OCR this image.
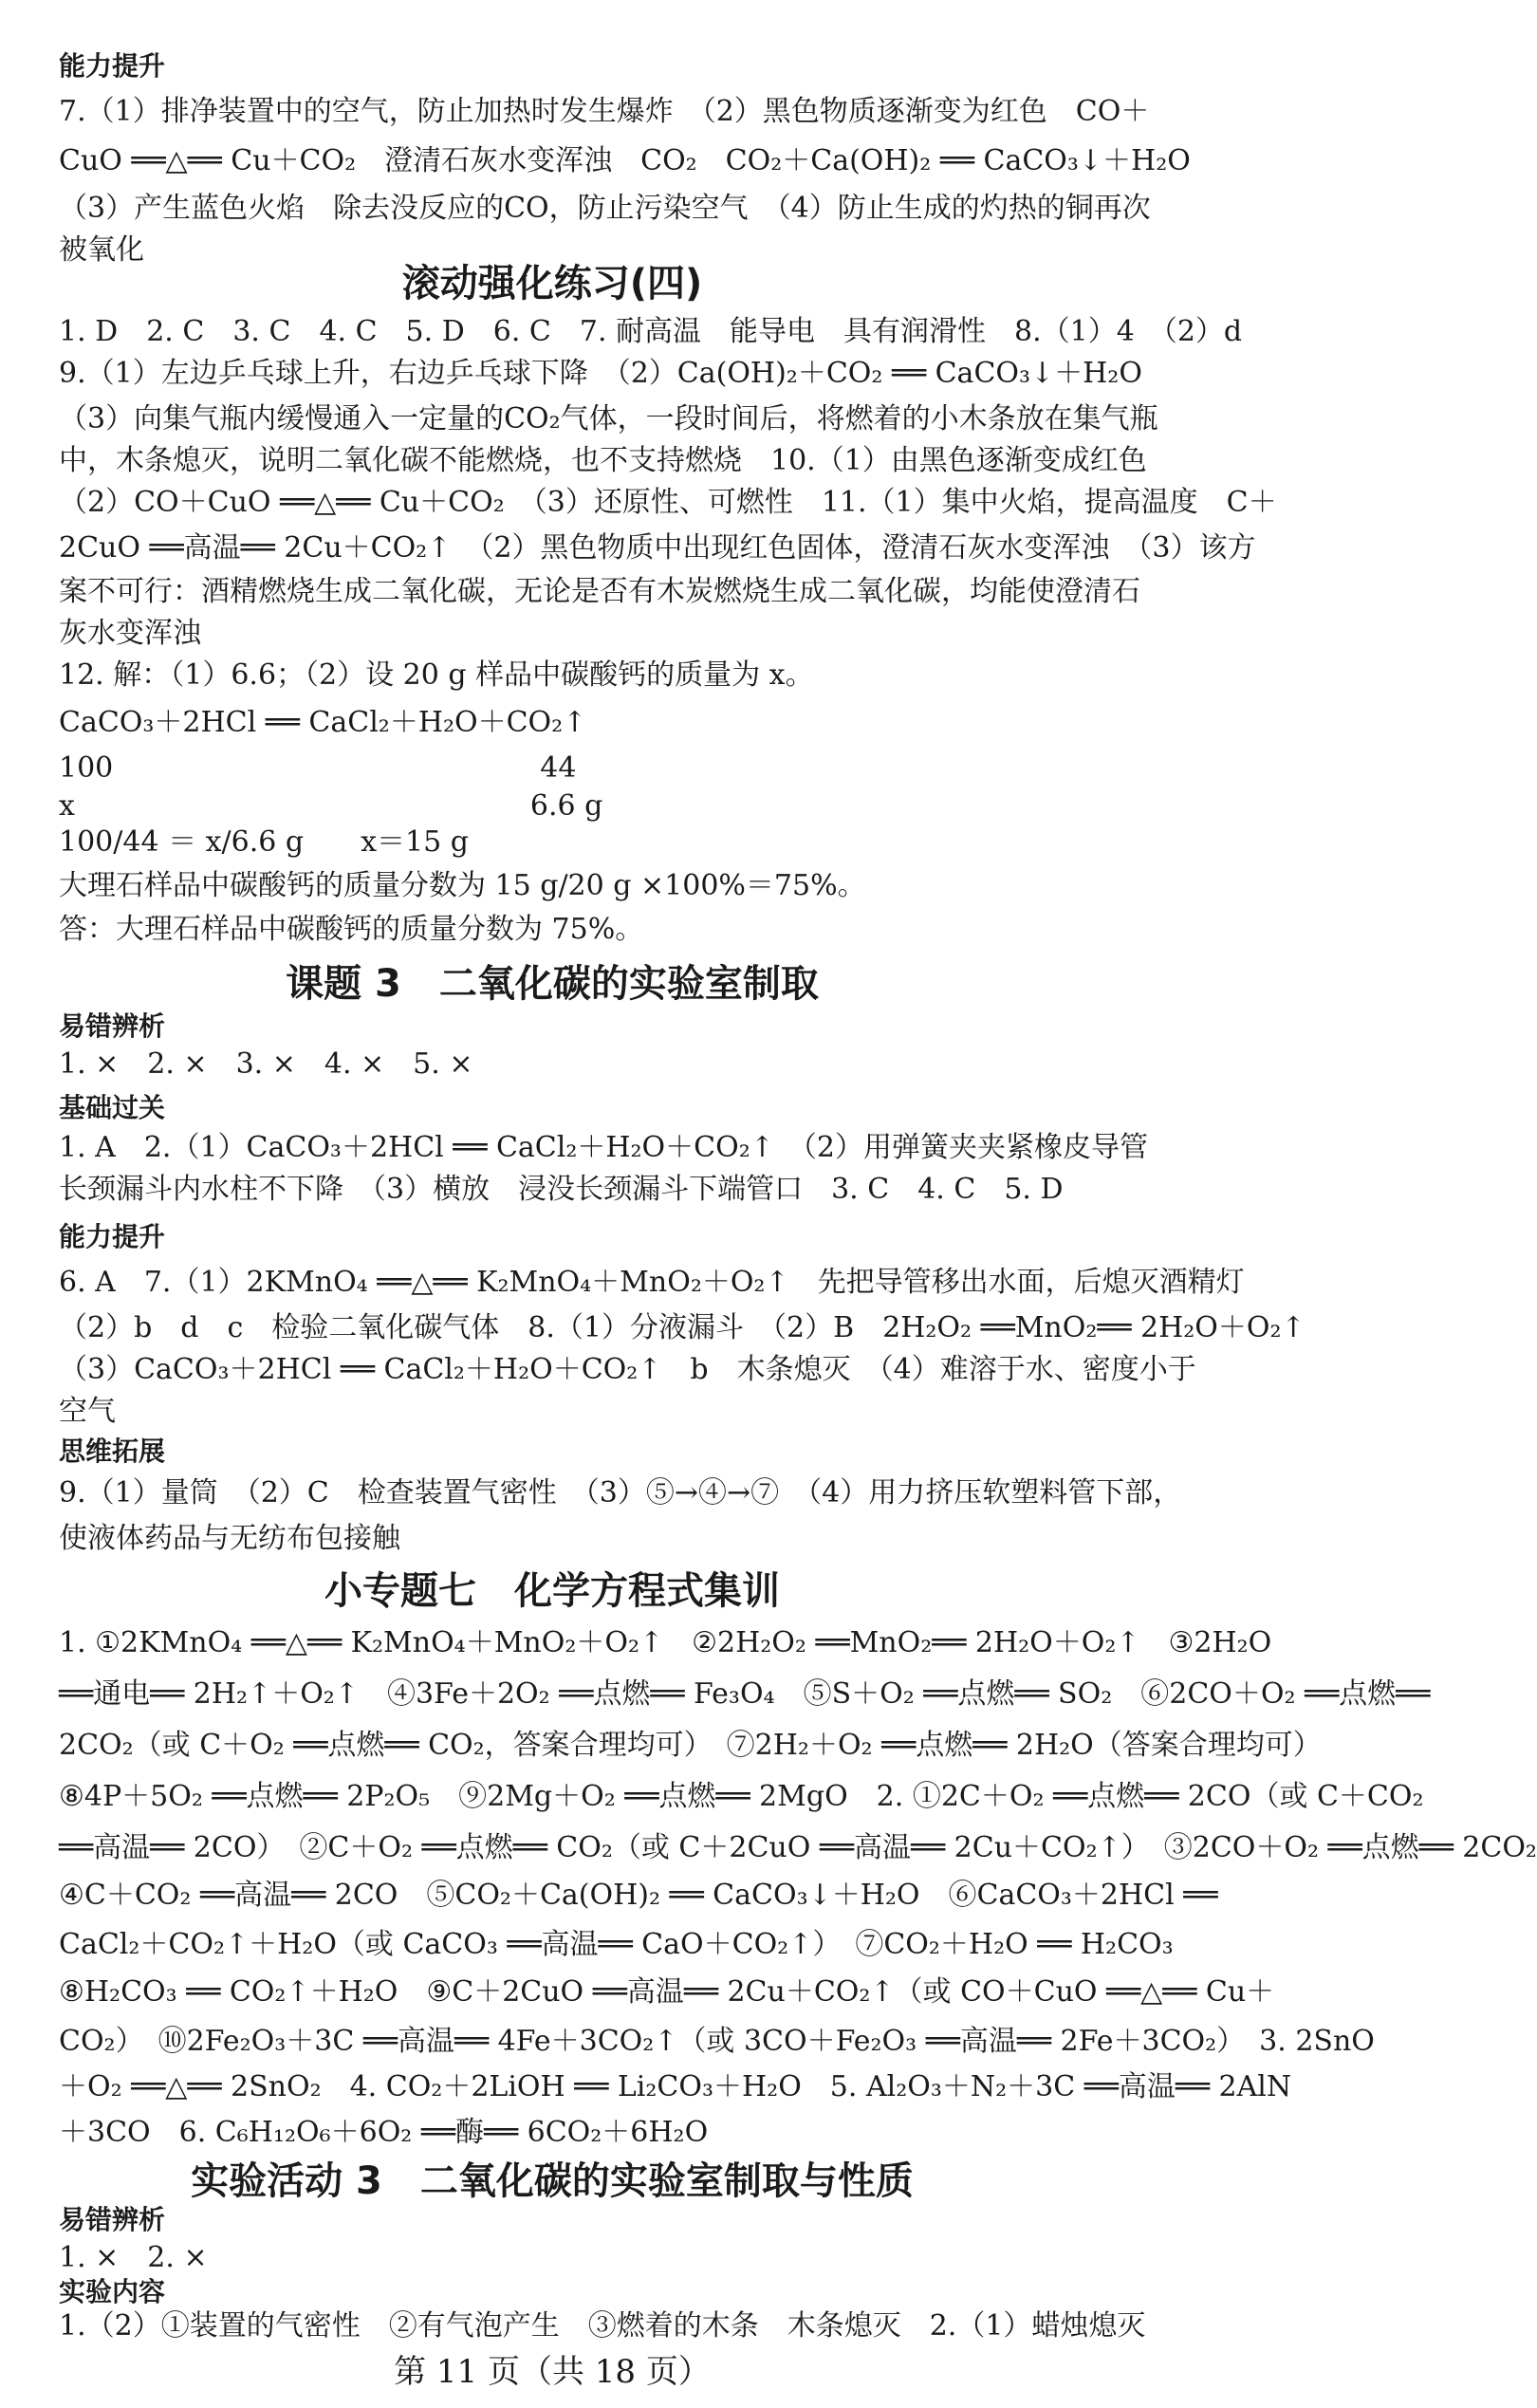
能力提升
7.（1）排净装置中的空气，防止加热时发生爆炸　（2）黑色物质逐渐变为红色　CO＋
CuO ══△══ Cu＋CO₂　澄清石灰水变浑浊　CO₂　CO₂＋Ca(OH)₂ ══ CaCO₃↓＋H₂O
（3）产生蓝色火焰　除去没反应的CO，防止污染空气　（4）防止生成的灼热的铜再次
被氧化
滚动强化练习(四)
1. D　2. C　3. C　4. C　5. D　6. C　7. 耐高温　能导电　具有润滑性　8.（1）4　（2）d
9.（1）左边乒乓球上升，右边乒乓球下降　（2）Ca(OH)₂＋CO₂ ══ CaCO₃↓＋H₂O
（3）向集气瓶内缓慢通入一定量的CO₂气体，一段时间后，将燃着的小木条放在集气瓶
中，木条熄灭，说明二氧化碳不能燃烧，也不支持燃烧　10.（1）由黑色逐渐变成红色
（2）CO＋CuO ══△══ Cu＋CO₂　（3）还原性、可燃性　11.（1）集中火焰，提高温度　C＋
2CuO ══高温══ 2Cu＋CO₂↑　（2）黑色物质中出现红色固体，澄清石灰水变浑浊　（3）该方
案不可行：酒精燃烧生成二氧化碳，无论是否有木炭燃烧生成二氧化碳，均能使澄清石
灰水变浑浊
12. 解：（1）6.6；（2）设 20 g 样品中碳酸钙的质量为 x。
CaCO₃＋2HCl ══ CaCl₂＋H₂O＋CO₂↑
100　　　　　　　　　　　　　　　44
x　　　　　　　　　　　　　　　　6.6 g
100/44 ＝ x/6.6 g　　x＝15 g
大理石样品中碳酸钙的质量分数为 15 g/20 g ×100%＝75%。
答：大理石样品中碳酸钙的质量分数为 75%。
课题 3　二氧化碳的实验室制取
易错辨析
1. ×　2. ×　3. ×　4. ×　5. ×
基础过关
1. A　2.（1）CaCO₃＋2HCl ══ CaCl₂＋H₂O＋CO₂↑　（2）用弹簧夹夹紧橡皮导管
长颈漏斗内水柱不下降　（3）横放　浸没长颈漏斗下端管口　3. C　4. C　5. D
能力提升
6. A　7.（1）2KMnO₄ ══△══ K₂MnO₄＋MnO₂＋O₂↑　先把导管移出水面，后熄灭酒精灯
（2）b　d　c　检验二氧化碳气体　8.（1）分液漏斗　（2）B　2H₂O₂ ══MnO₂══ 2H₂O＋O₂↑
（3）CaCO₃＋2HCl ══ CaCl₂＋H₂O＋CO₂↑　b　木条熄灭　（4）难溶于水、密度小于
空气
思维拓展
9.（1）量筒　（2）C　检查装置气密性　（3）⑤→④→⑦　（4）用力挤压软塑料管下部，
使液体药品与无纺布包接触
小专题七　化学方程式集训
1. ①2KMnO₄ ══△══ K₂MnO₄＋MnO₂＋O₂↑　②2H₂O₂ ══MnO₂══ 2H₂O＋O₂↑　③2H₂O
══通电══ 2H₂↑＋O₂↑　④3Fe＋2O₂ ══点燃══ Fe₃O₄　⑤S＋O₂ ══点燃══ SO₂　⑥2CO＋O₂ ══点燃══
2CO₂（或 C＋O₂ ══点燃══ CO₂，答案合理均可）　⑦2H₂＋O₂ ══点燃══ 2H₂O（答案合理均可）
⑧4P＋5O₂ ══点燃══ 2P₂O₅　⑨2Mg＋O₂ ══点燃══ 2MgO　2. ①2C＋O₂ ══点燃══ 2CO（或 C＋CO₂
══高温══ 2CO）　②C＋O₂ ══点燃══ CO₂（或 C＋2CuO ══高温══ 2Cu＋CO₂↑）　③2CO＋O₂ ══点燃══ 2CO₂
④C＋CO₂ ══高温══ 2CO　⑤CO₂＋Ca(OH)₂ ══ CaCO₃↓＋H₂O　⑥CaCO₃＋2HCl ══
CaCl₂＋CO₂↑＋H₂O（或 CaCO₃ ══高温══ CaO＋CO₂↑）　⑦CO₂＋H₂O ══ H₂CO₃
⑧H₂CO₃ ══ CO₂↑＋H₂O　⑨C＋2CuO ══高温══ 2Cu＋CO₂↑（或 CO＋CuO ══△══ Cu＋
CO₂）　⑩2Fe₂O₃＋3C ══高温══ 4Fe＋3CO₂↑（或 3CO＋Fe₂O₃ ══高温══ 2Fe＋3CO₂）　3. 2SnO
＋O₂ ══△══ 2SnO₂　4. CO₂＋2LiOH ══ Li₂CO₃＋H₂O　5. Al₂O₃＋N₂＋3C ══高温══ 2AlN
＋3CO　6. C₆H₁₂O₆＋6O₂ ══酶══ 6CO₂＋6H₂O
实验活动 3　二氧化碳的实验室制取与性质
易错辨析
1. ×　2. ×
实验内容
1.（2）①装置的气密性　②有气泡产生　③燃着的木条　木条熄灭　2.（1）蜡烛熄灭
第 11 页（共 18 页）
